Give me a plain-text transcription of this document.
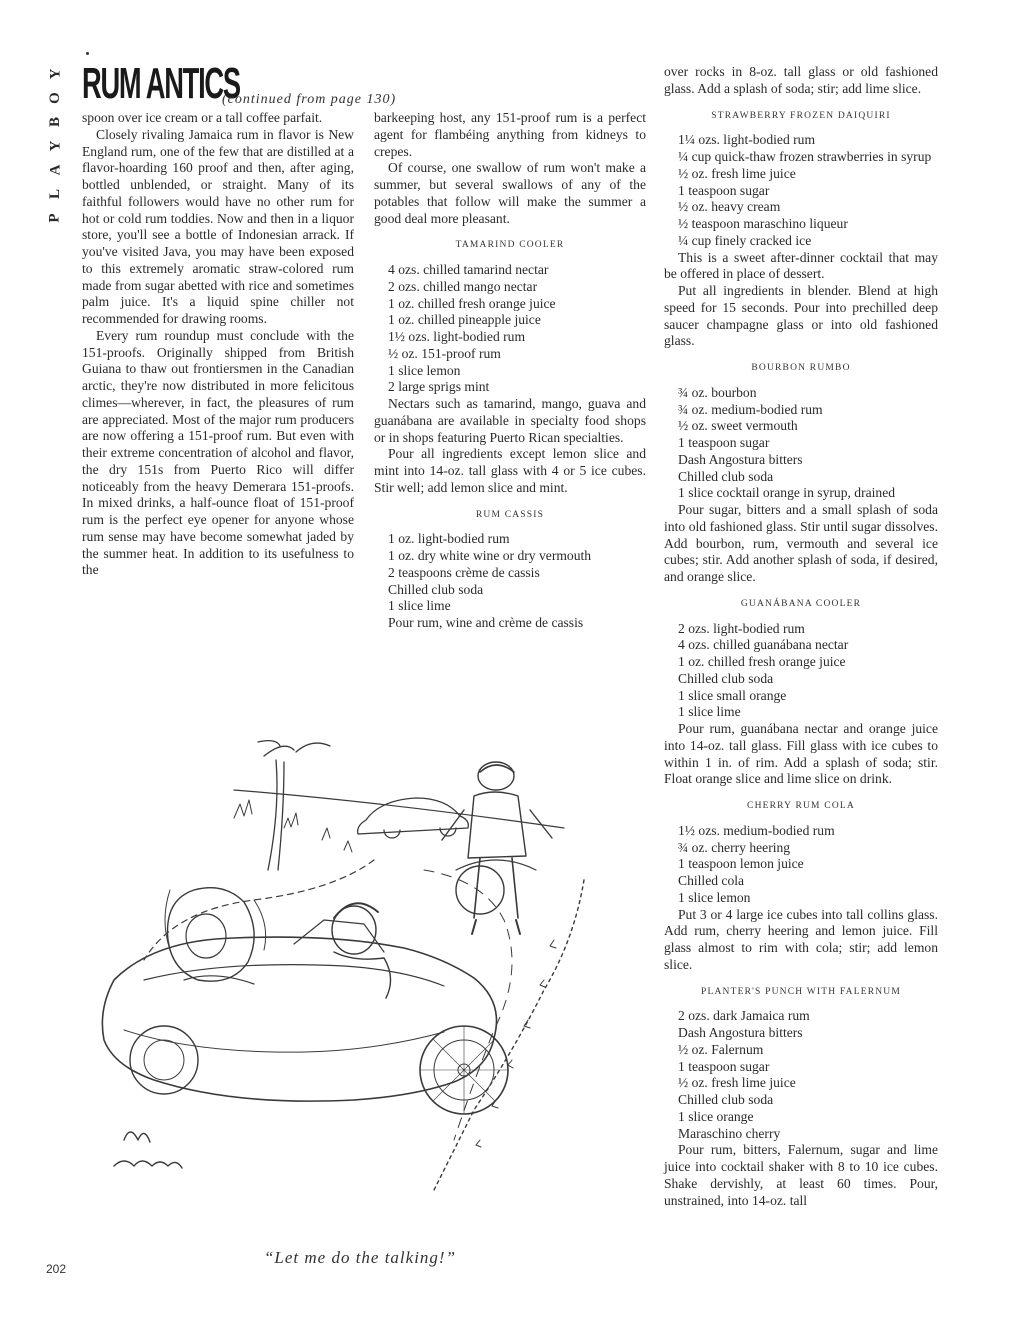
Y
O
B
Y
A
L
P
RUM ANTICS
(continued from page 130)

spoon over ice cream or a tall coffee parfait.

Closely rivaling Jamaica rum in flavor is New England rum, one of the few that are distilled at a flavor-hoarding 160 proof and then, after aging, bottled unblended, or straight. Many of its faithful followers would have no other rum for hot or cold rum toddies. Now and then in a liquor store, you'll see a bottle of Indonesian arrack. If you've visited Java, you may have been exposed to this extremely aromatic straw-colored rum made from sugar abetted with rice and sometimes palm juice. It's a liquid spine chiller not recommended for drawing rooms.

Every rum roundup must conclude with the 151-proofs. Originally shipped from British Guiana to thaw out frontiersmen in the Canadian arctic, they're now distributed in more felicitous climes—wherever, in fact, the pleasures of rum are appreciated. Most of the major rum producers are now offering a 151-proof rum. But even with their extreme concentration of alcohol and flavor, the dry 151s from Puerto Rico will differ noticeably from the heavy Demerara 151-proofs. In mixed drinks, a half-ounce float of 151-proof rum is the perfect eye opener for anyone whose rum sense may have become somewhat jaded by the summer heat. In addition to its usefulness to the

barkeeping host, any 151-proof rum is a perfect agent for flambéing anything from kidneys to crepes.

Of course, one swallow of rum won't make a summer, but several swallows of any of the potables that follow will make the summer a good deal more pleasant.

TAMARIND COOLER
4 ozs. chilled tamarind nectar
2 ozs. chilled mango nectar
1 oz. chilled fresh orange juice
1 oz. chilled pineapple juice
1½ ozs. light-bodied rum
½ oz. 151-proof rum
1 slice lemon
2 large sprigs mint

Nectars such as tamarind, mango, guava and guanábana are available in specialty food shops or in shops featuring Puerto Rican specialties.

Pour all ingredients except lemon slice and mint into 14-oz. tall glass with 4 or 5 ice cubes. Stir well; add lemon slice and mint.

RUM CASSIS
1 oz. light-bodied rum
1 oz. dry white wine or dry vermouth
2 teaspoons crème de cassis
Chilled club soda
1 slice lime

Pour rum, wine and crème de cassis

over rocks in 8-oz. tall glass or old fashioned glass. Add a splash of soda; stir; add lime slice.

STRAWBERRY FROZEN DAIQUIRI
1¼ ozs. light-bodied rum
¼ cup quick-thaw frozen strawberries in syrup
½ oz. fresh lime juice
1 teaspoon sugar
½ oz. heavy cream
½ teaspoon maraschino liqueur
¼ cup finely cracked ice

This is a sweet after-dinner cocktail that may be offered in place of dessert.

Put all ingredients in blender. Blend at high speed for 15 seconds. Pour into prechilled deep saucer champagne glass or into old fashioned glass.

BOURBON RUMBO
¾ oz. bourbon
¾ oz. medium-bodied rum
½ oz. sweet vermouth
1 teaspoon sugar
Dash Angostura bitters
Chilled club soda
1 slice cocktail orange in syrup, drained

Pour sugar, bitters and a small splash of soda into old fashioned glass. Stir until sugar dissolves. Add bourbon, rum, vermouth and several ice cubes; stir. Add another splash of soda, if desired, and orange slice.

GUANÁBANA COOLER
2 ozs. light-bodied rum
4 ozs. chilled guanábana nectar
1 oz. chilled fresh orange juice
Chilled club soda
1 slice small orange
1 slice lime

Pour rum, guanábana nectar and orange juice into 14-oz. tall glass. Fill glass with ice cubes to within 1 in. of rim. Add a splash of soda; stir. Float orange slice and lime slice on drink.

CHERRY RUM COLA
1½ ozs. medium-bodied rum
¾ oz. cherry heering
1 teaspoon lemon juice
Chilled cola
1 slice lemon

Put 3 or 4 large ice cubes into tall collins glass. Add rum, cherry heering and lemon juice. Fill glass almost to rim with cola; stir; add lemon slice.

PLANTER'S PUNCH WITH FALERNUM
2 ozs. dark Jamaica rum
Dash Angostura bitters
½ oz. Falernum
1 teaspoon sugar
½ oz. fresh lime juice
Chilled club soda
1 slice orange
Maraschino cherry

Pour rum, bitters, Falernum, sugar and lime juice into cocktail shaker with 8 to 10 ice cubes. Shake dervishly, at least 60 times. Pour, unstrained, into 14-oz. tall

“Let me do the talking!”
202
